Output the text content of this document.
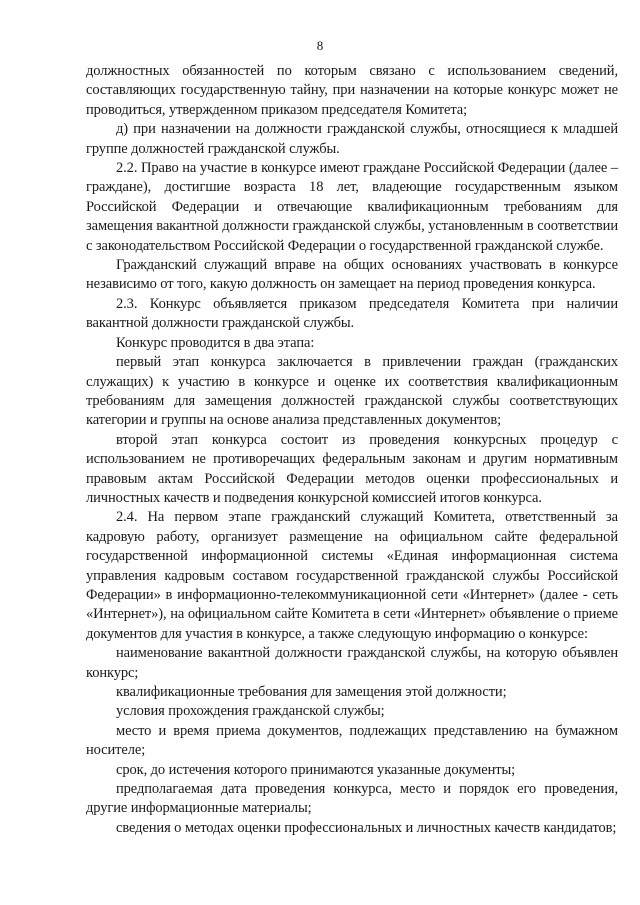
8

должностных обязанностей по которым связано с использованием сведений, составляющих государственную тайну, при назначении на которые конкурс может не проводиться, утвержденном приказом председателя Комитета;

д) при назначении на должности гражданской службы, относящиеся к младшей группе должностей гражданской службы.

2.2. Право на участие в конкурсе имеют граждане Российской Федерации (далее – граждане), достигшие возраста 18 лет, владеющие государственным языком Российской Федерации и отвечающие квалификационным требованиям для замещения вакантной должности гражданской службы, установленным в соответствии с законодательством Российской Федерации о государственной гражданской службе.

Гражданский служащий вправе на общих основаниях участвовать в конкурсе независимо от того, какую должность он замещает на период проведения конкурса.

2.3. Конкурс объявляется приказом председателя Комитета при наличии вакантной должности гражданской службы.

Конкурс проводится в два этапа:

первый этап конкурса заключается в привлечении граждан (гражданских служащих) к участию в конкурсе и оценке их соответствия квалификационным требованиям для замещения должностей гражданской службы соответствующих категории и группы на основе анализа представленных документов;

второй этап конкурса состоит из проведения конкурсных процедур с использованием не противоречащих федеральным законам и другим нормативным правовым актам Российской Федерации методов оценки профессиональных и личностных качеств и подведения конкурсной комиссией итогов конкурса.

2.4. На первом этапе гражданский служащий Комитета, ответственный за кадровую работу, организует размещение на официальном сайте федеральной государственной информационной системы «Единая информационная система управления кадровым составом государственной гражданской службы Российской Федерации» в информационно-телекоммуникационной сети «Интернет» (далее - сеть «Интернет»), на официальном сайте Комитета в сети «Интернет» объявление о приеме документов для участия в конкурсе, а также следующую информацию о конкурсе:

наименование вакантной должности гражданской службы, на которую объявлен конкурс;

квалификационные требования для замещения этой должности;

условия прохождения гражданской службы;

место и время приема документов, подлежащих представлению на бумажном носителе;

срок, до истечения которого принимаются указанные документы;

предполагаемая дата проведения конкурса, место и порядок его проведения, другие информационные материалы;

сведения о методах оценки профессиональных и личностных качеств кандидатов;
